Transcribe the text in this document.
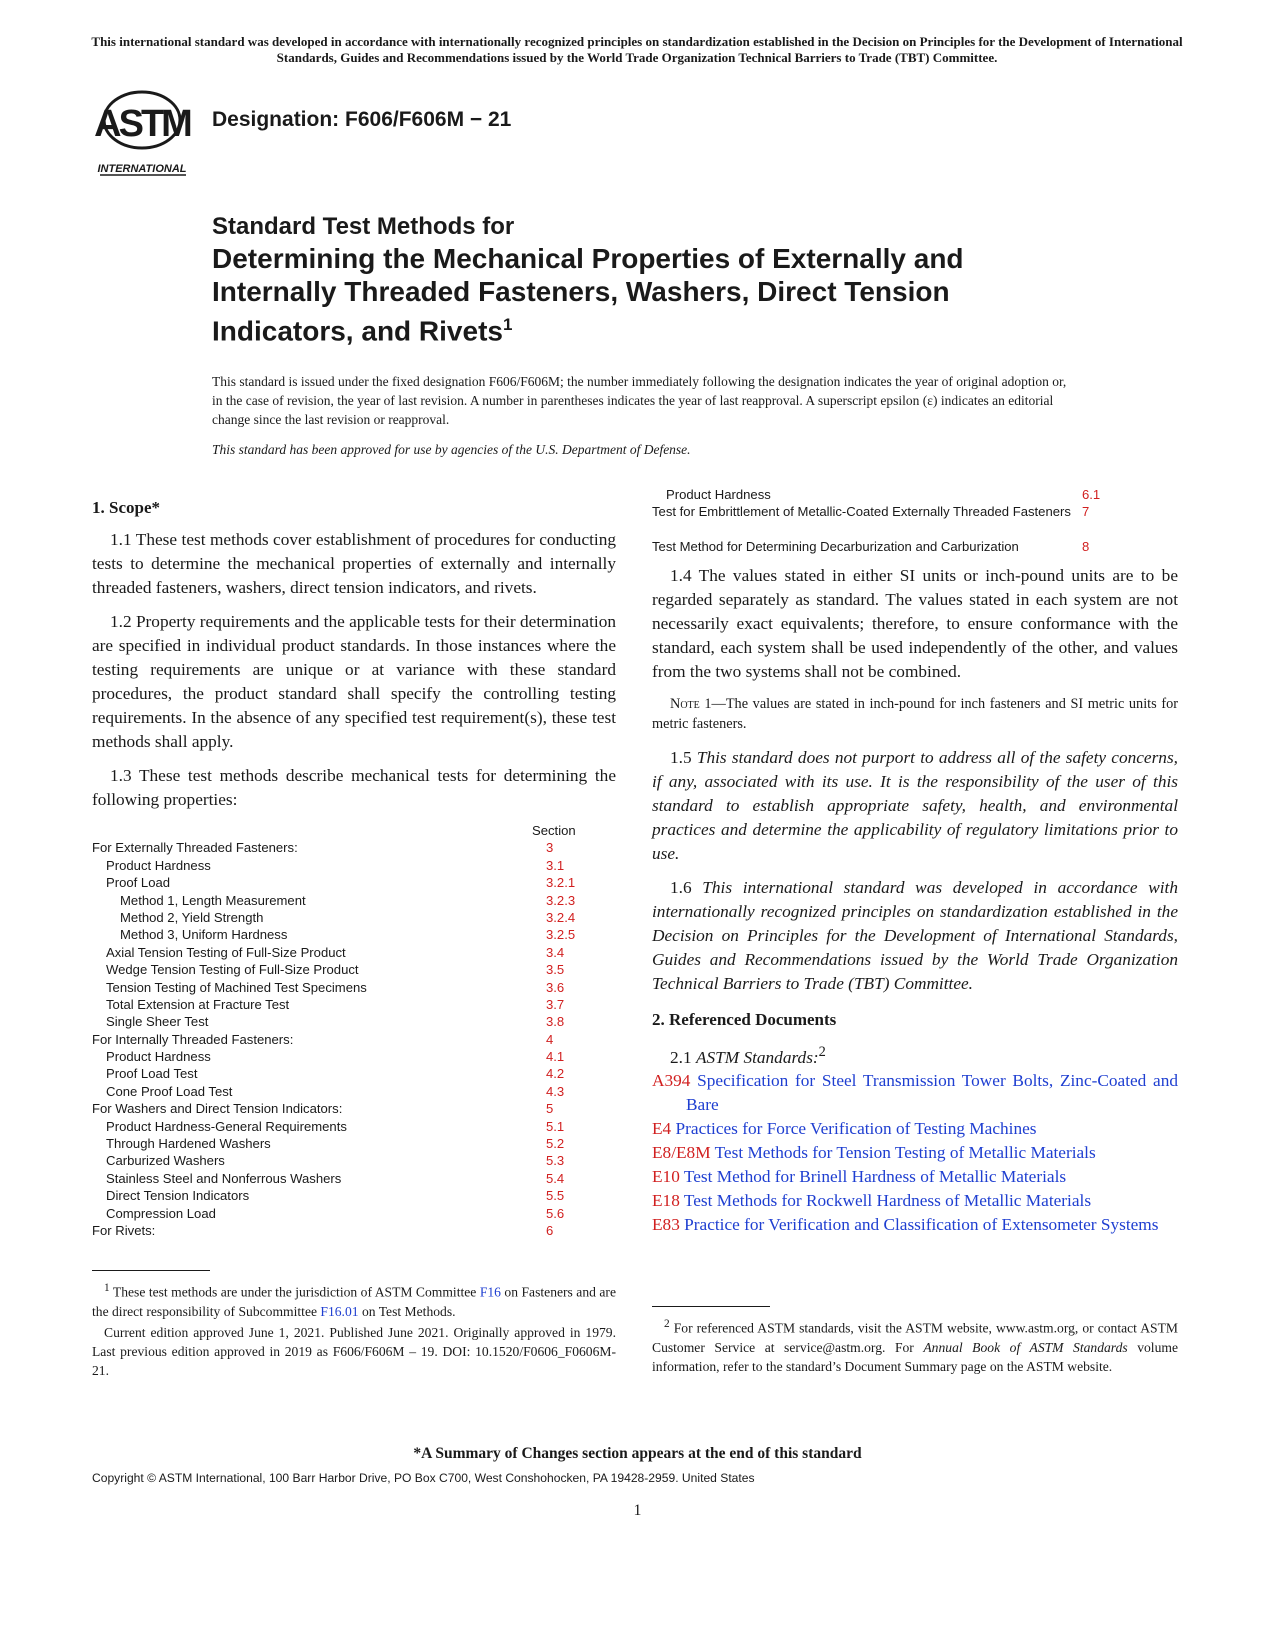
This international standard was developed in accordance with internationally recognized principles on standardization established in the Decision on Principles for the Development of International Standards, Guides and Recommendations issued by the World Trade Organization Technical Barriers to Trade (TBT) Committee.
ASTM
INTERNATIONAL
Designation: F606/F606M − 21
Standard Test Methods for
Determining the Mechanical Properties of Externally and Internally Threaded Fasteners, Washers, Direct Tension Indicators, and Rivets$^1$
This standard is issued under the fixed designation F606/F606M; the number immediately following the designation indicates the year of original adoption or, in the case of revision, the year of last revision. A number in parentheses indicates the year of last reapproval. A superscript epsilon (ε) indicates an editorial change since the last revision or reapproval.
This standard has been approved for use by agencies of the U.S. Department of Defense.
1. Scope*

1.1 These test methods cover establishment of procedures for conducting tests to determine the mechanical properties of externally and internally threaded fasteners, washers, direct tension indicators, and rivets.

1.2 Property requirements and the applicable tests for their determination are specified in individual product standards. In those instances where the testing requirements are unique or at variance with these standard procedures, the product standard shall specify the controlling testing requirements. In the absence of any specified test requirement(s), these test methods shall apply.

1.3 These test methods describe mechanical tests for determining the following properties:

Section
For Externally Threaded Fasteners:	3
Product Hardness	3.1
Proof Load	3.2.1
Method 1, Length Measurement	3.2.3
Method 2, Yield Strength	3.2.4
Method 3, Uniform Hardness	3.2.5
Axial Tension Testing of Full-Size Product	3.4
Wedge Tension Testing of Full-Size Product	3.5
Tension Testing of Machined Test Specimens	3.6
Total Extension at Fracture Test	3.7
Single Sheer Test	3.8
For Internally Threaded Fasteners:	4
Product Hardness	4.1
Proof Load Test	4.2
Cone Proof Load Test	4.3
For Washers and Direct Tension Indicators:	5
Product Hardness-General Requirements	5.1
Through Hardened Washers	5.2
Carburized Washers	5.3
Stainless Steel and Nonferrous Washers	5.4
Direct Tension Indicators	5.5
Compression Load	5.6
For Rivets:	6

$^1$ These test methods are under the jurisdiction of ASTM Committee F16 on Fasteners and are the direct responsibility of Subcommittee F16.01 on Test Methods.

Current edition approved June 1, 2021. Published June 2021. Originally approved in 1979. Last previous edition approved in 2019 as F606/F606M – 19. DOI: 10.1520/F0606_F0606M-21.

Product Hardness	6.1
Test for Embrittlement of Metallic-Coated Externally Threaded Fasteners 7
Test Method for Determining Decarburization and Carburization	8

1.4 The values stated in either SI units or inch-pound units are to be regarded separately as standard. The values stated in each system are not necessarily exact equivalents; therefore, to ensure conformance with the standard, each system shall be used independently of the other, and values from the two systems shall not be combined.

Note 1—The values are stated in inch-pound for inch fasteners and SI metric units for metric fasteners.

1.5 This standard does not purport to address all of the safety concerns, if any, associated with its use. It is the responsibility of the user of this standard to establish appropriate safety, health, and environmental practices and determine the applicability of regulatory limitations prior to use.

1.6 This international standard was developed in accordance with internationally recognized principles on standardization established in the Decision on Principles for the Development of International Standards, Guides and Recommendations issued by the World Trade Organization Technical Barriers to Trade (TBT) Committee.

2. Referenced Documents

2.1 ASTM Standards:$^2$

A394 Specification for Steel Transmission Tower Bolts, Zinc-Coated and Bare

E4 Practices for Force Verification of Testing Machines

E8/E8M Test Methods for Tension Testing of Metallic Materials

E10 Test Method for Brinell Hardness of Metallic Materials

E18 Test Methods for Rockwell Hardness of Metallic Materials

E83 Practice for Verification and Classification of Extensometer Systems

$^2$ For referenced ASTM standards, visit the ASTM website, www.astm.org, or contact ASTM Customer Service at service@astm.org. For Annual Book of ASTM Standards volume information, refer to the standard’s Document Summary page on the ASTM website.

*A Summary of Changes section appears at the end of this standard
Copyright © ASTM International, 100 Barr Harbor Drive, PO Box C700, West Conshohocken, PA 19428-2959. United States
1
